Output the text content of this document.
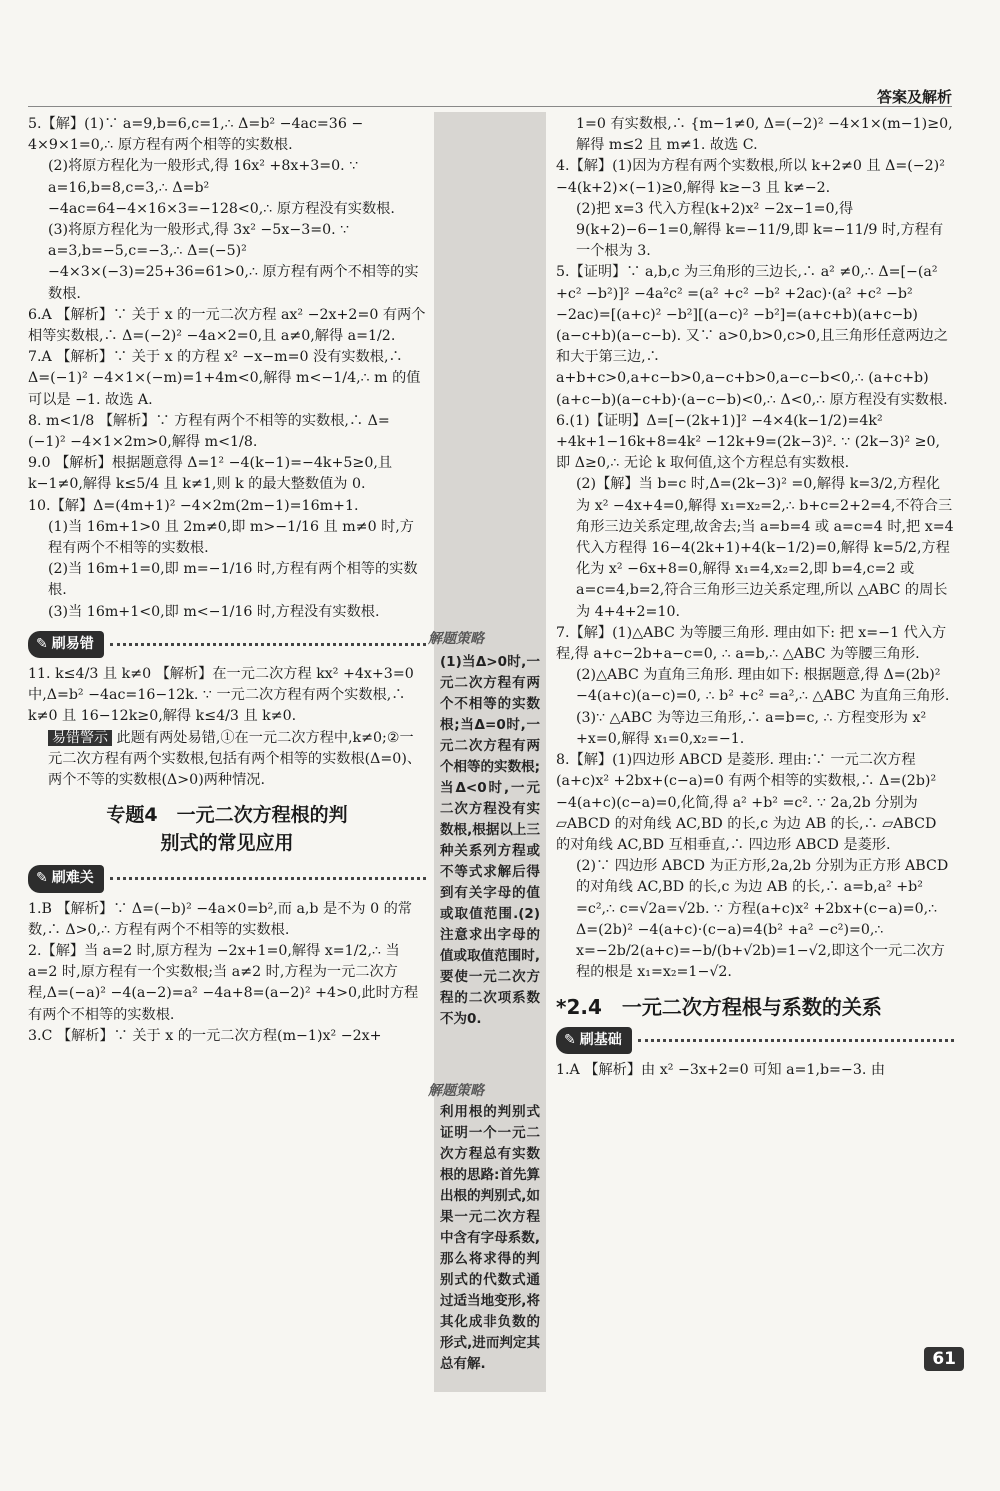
答案及解析
解题策略
(1)当Δ>0时,一元二次方程有两个不相等的实数根;当Δ=0时,一元二次方程有两个相等的实数根;当Δ<0时,一元二次方程没有实数根,根据以上三种关系列方程或不等式求解后得到有关字母的值或取值范围.(2)注意求出字母的值或取值范围时,要使一元二次方程的二次项系数不为0.
解题策略
利用根的判别式证明一个一元二次方程总有实数根的思路:首先算出根的判别式,如果一元二次方程中含有字母系数,那么将求得的判别式的代数式通过适当地变形,将其化成非负数的形式,进而判定其总有解.

5.【解】(1)∵ a=9,b=6,c=1,∴ Δ=b² −4ac=36 − 4×9×1=0,∴ 原方程有两个相等的实数根.

(2)将原方程化为一般形式,得 16x² +8x+3=0. ∵ a=16,b=8,c=3,∴ Δ=b² −4ac=64−4×16×3=−128<0,∴ 原方程没有实数根.

(3)将原方程化为一般形式,得 3x² −5x−3=0. ∵ a=3,b=−5,c=−3,∴ Δ=(−5)² −4×3×(−3)=25+36=61>0,∴ 原方程有两个不相等的实数根.

6.A 【解析】∵ 关于 x 的一元二次方程 ax² −2x+2=0 有两个相等实数根,∴ Δ=(−2)² −4a×2=0,且 a≠0,解得 a=1/2.

7.A 【解析】∵ 关于 x 的方程 x² −x−m=0 没有实数根,∴ Δ=(−1)² −4×1×(−m)=1+4m<0,解得 m<−1/4,∴ m 的值可以是 −1. 故选 A.

8. m<1/8 【解析】∵ 方程有两个不相等的实数根,∴ Δ=(−1)² −4×1×2m>0,解得 m<1/8.

9.0 【解析】根据题意得 Δ=1² −4(k−1)=−4k+5≥0,且 k−1≠0,解得 k≤5/4 且 k≠1,则 k 的最大整数值为 0.

10.【解】Δ=(4m+1)² −4×2m(2m−1)=16m+1.

(1)当 16m+1>0 且 2m≠0,即 m>−1/16 且 m≠0 时,方程有两个不相等的实数根.

(2)当 16m+1=0,即 m=−1/16 时,方程有两个相等的实数根.

(3)当 16m+1<0,即 m<−1/16 时,方程没有实数根.

✎ 刷易错

11. k≤4/3 且 k≠0 【解析】在一元二次方程 kx² +4x+3=0 中,Δ=b² −4ac=16−12k. ∵ 一元二次方程有两个实数根,∴ k≠0 且 16−12k≥0,解得 k≤4/3 且 k≠0.

易错警示 此题有两处易错,①在一元二次方程中,k≠0;②一元二次方程有两个实数根,包括有两个相等的实数根(Δ=0)、两个不等的实数根(Δ>0)两种情况.

专题4　一元二次方程根的判
别式的常见应用
✎ 刷难关

1.B 【解析】∵ Δ=(−b)² −4a×0=b²,而 a,b 是不为 0 的常数,∴ Δ>0,∴ 方程有两个不相等的实数根.

2.【解】当 a=2 时,原方程为 −2x+1=0,解得 x=1/2,∴ 当 a=2 时,原方程有一个实数根;当 a≠2 时,方程为一元二次方程,Δ=(−a)² −4(a−2)=a² −4a+8=(a−2)² +4>0,此时方程有两个不相等的实数根.

3.C 【解析】∵ 关于 x 的一元二次方程(m−1)x² −2x+

1=0 有实数根,∴ {m−1≠0, Δ=(−2)² −4×1×(m−1)≥0, 解得 m≤2 且 m≠1. 故选 C.

4.【解】(1)因为方程有两个实数根,所以 k+2≠0 且 Δ=(−2)² −4(k+2)×(−1)≥0,解得 k≥−3 且 k≠−2.

(2)把 x=3 代入方程(k+2)x² −2x−1=0,得 9(k+2)−6−1=0,解得 k=−11/9,即 k=−11/9 时,方程有一个根为 3.

5.【证明】∵ a,b,c 为三角形的三边长,∴ a² ≠0,∴ Δ=[−(a² +c² −b²)]² −4a²c² =(a² +c² −b² +2ac)·(a² +c² −b² −2ac)=[(a+c)² −b²][(a−c)² −b²]=(a+c+b)(a+c−b)(a−c+b)(a−c−b). 又∵ a>0,b>0,c>0,且三角形任意两边之和大于第三边,∴ a+b+c>0,a+c−b>0,a−c+b>0,a−c−b<0,∴ (a+c+b)(a+c−b)(a−c+b)·(a−c−b)<0,∴ Δ<0,∴ 原方程没有实数根.

6.(1)【证明】Δ=[−(2k+1)]² −4×4(k−1/2)=4k² +4k+1−16k+8=4k² −12k+9=(2k−3)². ∵ (2k−3)² ≥0,即 Δ≥0,∴ 无论 k 取何值,这个方程总有实数根.

(2)【解】当 b=c 时,Δ=(2k−3)² =0,解得 k=3/2,方程化为 x² −4x+4=0,解得 x₁=x₂=2,∴ b+c=2+2=4,不符合三角形三边关系定理,故舍去;当 a=b=4 或 a=c=4 时,把 x=4 代入方程得 16−4(2k+1)+4(k−1/2)=0,解得 k=5/2,方程化为 x² −6x+8=0,解得 x₁=4,x₂=2,即 b=4,c=2 或 a=c=4,b=2,符合三角形三边关系定理,所以 △ABC 的周长为 4+4+2=10.

7.【解】(1)△ABC 为等腰三角形. 理由如下: 把 x=−1 代入方程,得 a+c−2b+a−c=0, ∴ a=b,∴ △ABC 为等腰三角形.

(2)△ABC 为直角三角形. 理由如下: 根据题意,得 Δ=(2b)² −4(a+c)(a−c)=0, ∴ b² +c² =a²,∴ △ABC 为直角三角形.

(3)∵ △ABC 为等边三角形,∴ a=b=c, ∴ 方程变形为 x² +x=0,解得 x₁=0,x₂=−1.

8.【解】(1)四边形 ABCD 是菱形. 理由:∵ 一元二次方程(a+c)x² +2bx+(c−a)=0 有两个相等的实数根,∴ Δ=(2b)² −4(a+c)(c−a)=0,化简,得 a² +b² =c². ∵ 2a,2b 分别为▱ABCD 的对角线 AC,BD 的长,c 为边 AB 的长,∴ ▱ABCD 的对角线 AC,BD 互相垂直,∴ 四边形 ABCD 是菱形.

(2)∵ 四边形 ABCD 为正方形,2a,2b 分别为正方形 ABCD 的对角线 AC,BD 的长,c 为边 AB 的长,∴ a=b,a² +b² =c²,∴ c=√2a=√2b. ∵ 方程(a+c)x² +2bx+(c−a)=0,∴ Δ=(2b)² −4(a+c)·(c−a)=4(b² +a² −c²)=0,∴ x=−2b/2(a+c)=−b/(b+√2b)=1−√2,即这个一元二次方程的根是 x₁=x₂=1−√2.

*2.4　一元二次方程根与系数的关系
✎ 刷基础

1.A 【解析】由 x² −3x+2=0 可知 a=1,b=−3. 由

61
